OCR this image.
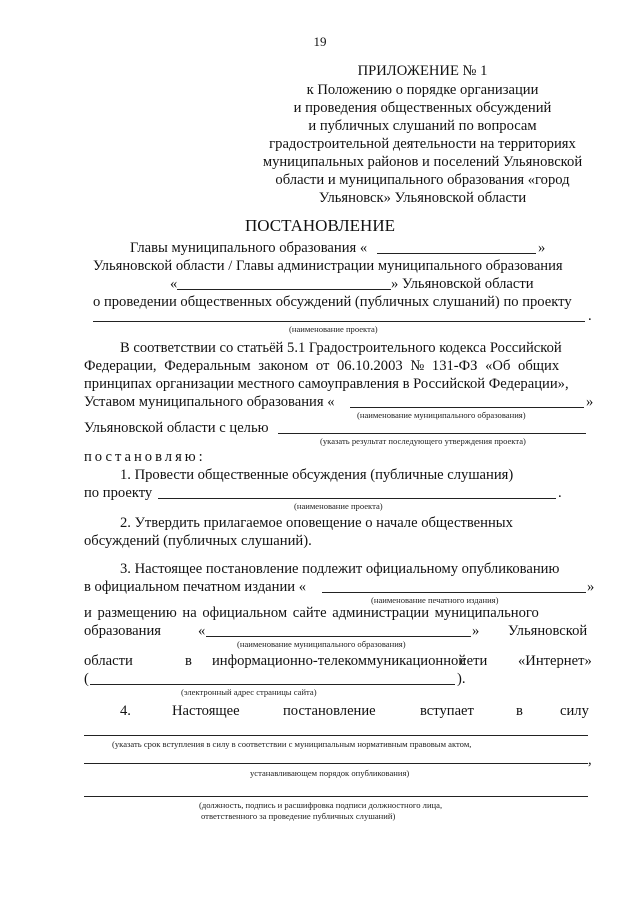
19
ПРИЛОЖЕНИЕ № 1
к Положению о порядке организации
и проведения общественных обсуждений
и публичных слушаний по вопросам
градостроительной деятельности на территориях
муниципальных районов и поселений Ульяновской
области и муниципального образования «город
Ульяновск» Ульяновской области
ПОСТАНОВЛЕНИЕ
Главы муниципального образования «	»
Ульяновской области / Главы администрации муниципального образования
«	» Ульяновской области
о проведении общественных обсуждений (публичных слушаний) по проекту
.
(наименование проекта)
В соответствии со статьёй 5.1 Градостроительного кодекса Российской
Федерации, Федеральным законом от 06.10.2003 № 131-ФЗ «Об общих
принципах организации местного самоуправления в Российской Федерации»,
Уставом муниципального образования «	»
(наименование муниципального образования)
Ульяновской области с целью
(указать результат последующего утверждения проекта)
постановляю:
1. Провести общественные обсуждения (публичные слушания)
по проекту	.
(наименование проекта)
2. Утвердить прилагаемое оповещение о начале общественных
обсуждений (публичных слушаний).
3. Настоящее постановление подлежит официальному опубликованию
в официальном печатном издании «	»
(наименование печатного издания)
и размещению на официальном сайте администрации муниципального
образования	«	» Ульяновской
(наименование муниципального образования)
области	в информационно-телекоммуникационной
сети «Интернет»
(	).
(электронный адрес страницы сайта)
4.	Настоящее	постановление	вступает	в	силу
(указать срок вступления в силу в соответствии с муниципальным нормативным правовым актом,
,
устанавливающем порядок опубликования)
(должность, подпись и расшифровка подписи должностного лица,
ответственного за проведение публичных слушаний)
